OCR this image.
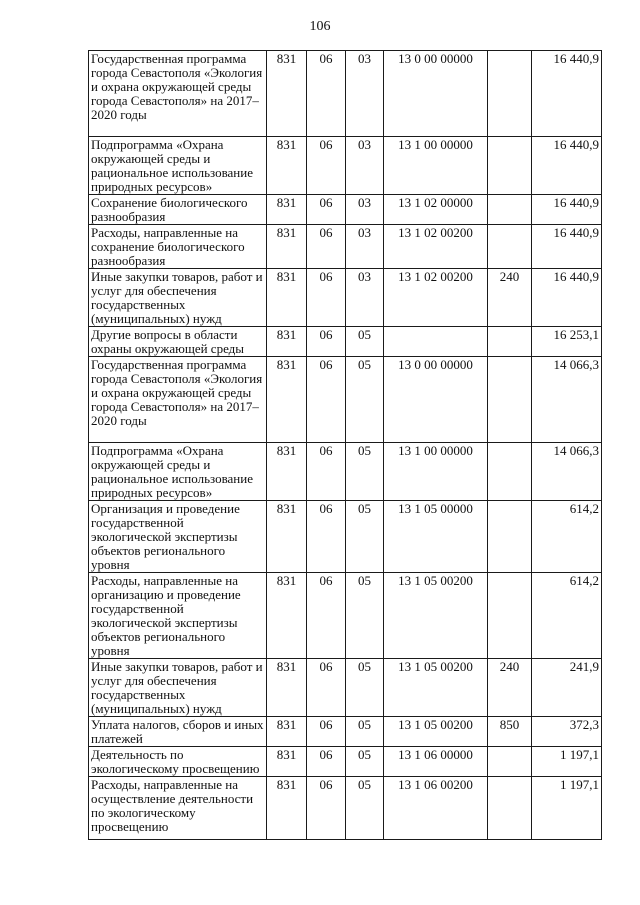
106
Государственная программа города Севастополя «Экология и охрана окружающей среды города Севастополя» на 2017–2020 годы	831	06	03	13 0 00 00000		16 440,9
Подпрограмма «Охрана окружающей среды и рациональное использование природных ресурсов»	831	06	03	13 1 00 00000		16 440,9
Сохранение биологического разнообразия	831	06	03	13 1 02 00000		16 440,9
Расходы, направленные на сохранение биологического разнообразия	831	06	03	13 1 02 00200		16 440,9
Иные закупки товаров, работ и услуг для обеспечения государственных (муниципальных) нужд	831	06	03	13 1 02 00200	240	16 440,9
Другие вопросы в области охраны окружающей среды	831	06	05			16 253,1
Государственная программа города Севастополя «Экология и охрана окружающей среды города Севастополя» на 2017–2020 годы	831	06	05	13 0 00 00000		14 066,3
Подпрограмма «Охрана окружающей среды и рациональное использование природных ресурсов»	831	06	05	13 1 00 00000		14 066,3
Организация и проведение государственной экологической экспертизы объектов регионального уровня	831	06	05	13 1 05 00000		614,2
Расходы, направленные на организацию и проведение государственной экологической экспертизы объектов регионального уровня	831	06	05	13 1 05 00200		614,2
Иные закупки товаров, работ и услуг для обеспечения государственных (муниципальных) нужд	831	06	05	13 1 05 00200	240	241,9
Уплата налогов, сборов и иных платежей	831	06	05	13 1 05 00200	850	372,3
Деятельность по экологическому просвещению	831	06	05	13 1 06 00000		1 197,1
Расходы, направленные на осуществление деятельности по экологическому просвещению	831	06	05	13 1 06 00200		1 197,1
